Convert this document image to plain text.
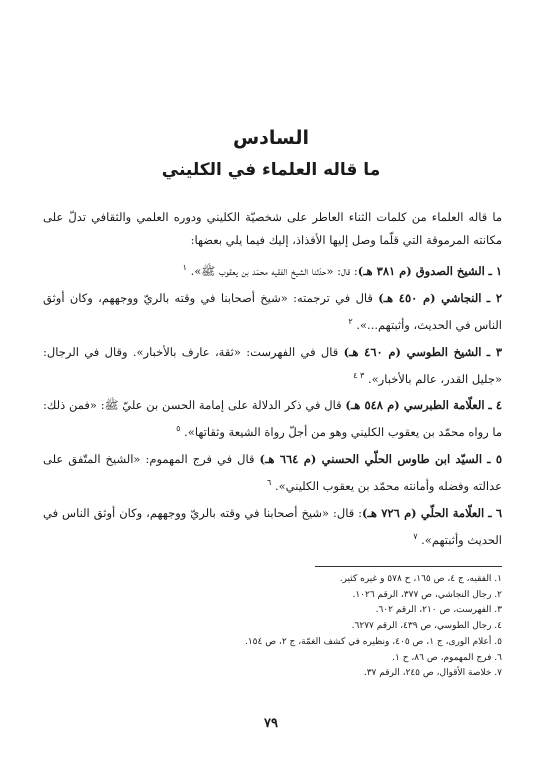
السادس
ما قاله العلماء في الكليني

ما قاله العلماء من كلمات الثناء العاطر على شخصيّة الكليني ودوره العلمي والثقافي تدلّ على مكانته المرموقة التي قلّما وصل إليها الأفذاذ، إليك فيما يلي بعضها:

١ ـ الشيخ الصدوق (م ٣٨١ هـ): قال: «حدّثنا الشيخ الفقيه محمّد بن يعقوب ﷺ». $^١$

٢ ـ النجاشي (م ٤٥٠ هـ) قال في ترجمته: «شيخ أصحابنا في وقته بالريّ ووجههم، وكان أوثق الناس في الحديث، وأثبتهم...». $^٢$

٣ ـ الشيخ الطوسي (م ٤٦٠ هـ) قال في الفهرست: «ثقة، عارف بالأخبار». وقال في الرجال: «جليل القدر، عالم بالأخبار». $^{٣ ٤}$

٤ ـ العلّامة الطبرسي (م ٥٤٨ هـ) قال في ذكر الدلالة على إمامة الحسن بن عليّ ﷺ: «فمن ذلك: ما رواه محمّد بن يعقوب الكليني وهو من أجلّ رواة الشيعة وثقاتها». $^٥$

٥ ـ السيّد ابن طاوس الحلّي الحسني (م ٦٦٤ هـ) قال في فرج المهموم: «الشيخ المتّفق على عدالته وفضله وأمانته محمّد بن يعقوب الكليني». $^٦$

٦ ـ العلّامة الحلّي (م ٧٢٦ هـ): قال: «شيخ أصحابنا في وقته بالريّ ووجههم، وكان أوثق الناس في الحديث وأثبتهم». $^٧$

١. الفقيه، ج ٤، ص ١٦٥، ح ٥٧٨ و غيره كثير.
٢. رجال النجاشي، ص ٣٧٧، الرقم ١٠٢٦.
٣. الفهرست، ص ٢١٠، الرقم ٦٠٢.
٤. رجال الطوسي، ص ٤٣٩، الرقم ٦٢٧٧.
٥. أعلام الورى، ج ١، ص ٤٠٥، ونظيره في كشف الغمّة، ج ٢، ص ١٥٤.
٦. فرج المهموم، ص ٨٦، ح ١.
٧. خلاصة الأقوال، ص ٢٤٥، الرقم ٣٧.
٧٩
